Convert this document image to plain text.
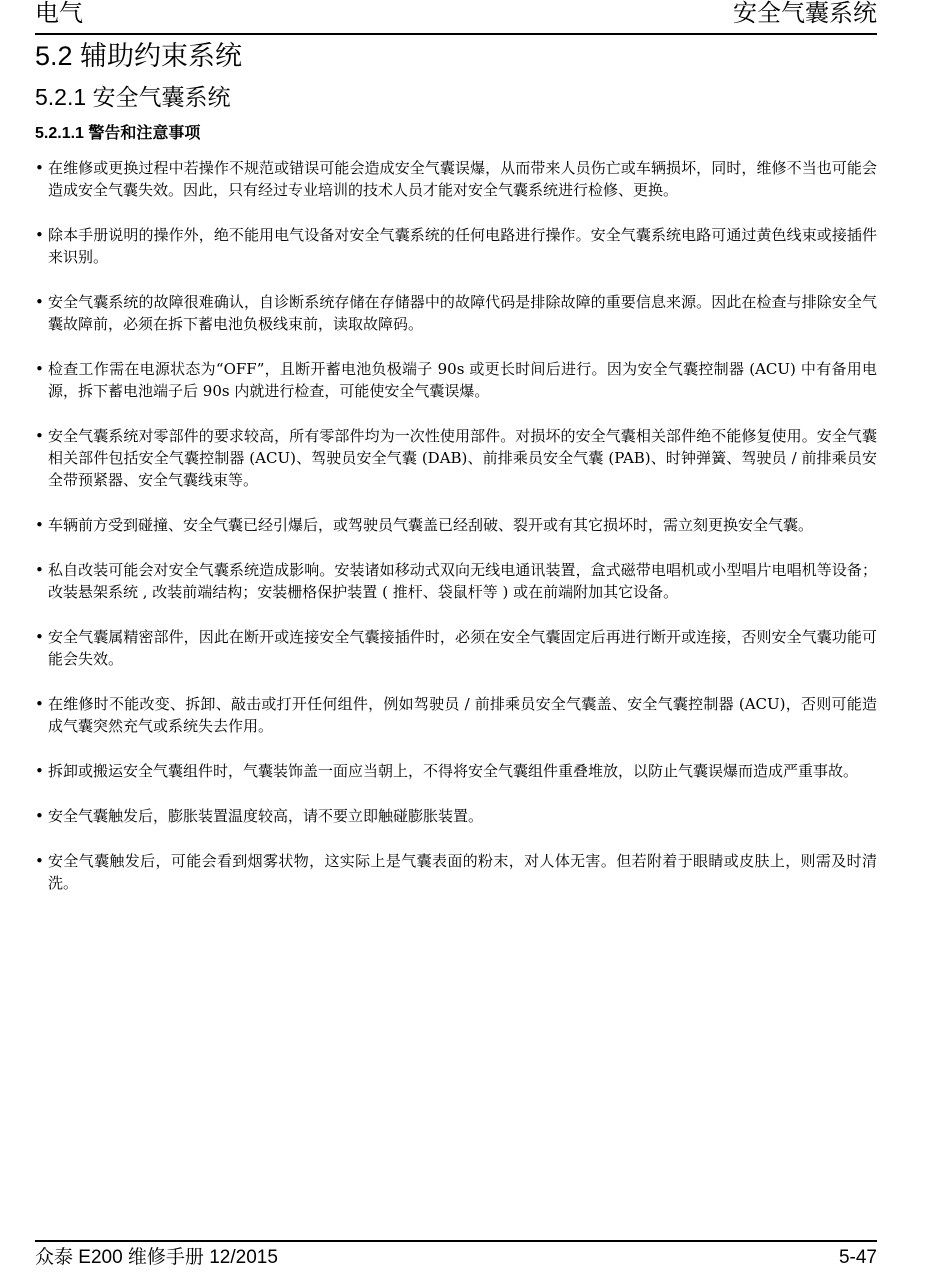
电气	安全气囊系统
5.2 辅助约束系统
5.2.1 安全气囊系统
5.2.1.1 警告和注意事项
• 在维修或更换过程中若操作不规范或错误可能会造成安全气囊误爆，从而带来人员伤亡或车辆损坏，同时，维修不当也可能会造成安全气囊失效。因此，只有经过专业培训的技术人员才能对安全气囊系统进行检修、更换。
• 除本手册说明的操作外，绝不能用电气设备对安全气囊系统的任何电路进行操作。安全气囊系统电路可通过黄色线束或接插件来识别。
• 安全气囊系统的故障很难确认，自诊断系统存储在存储器中的故障代码是排除故障的重要信息来源。因此在检查与排除安全气囊故障前，必须在拆下蓄电池负极线束前，读取故障码。
• 检查工作需在电源状态为“OFF”，且断开蓄电池负极端子 90s 或更长时间后进行。因为安全气囊控制器 (ACU) 中有备用电源，拆下蓄电池端子后 90s 内就进行检查，可能使安全气囊误爆。
• 安全气囊系统对零部件的要求较高，所有零部件均为一次性使用部件。对损坏的安全气囊相关部件绝不能修复使用。安全气囊相关部件包括安全气囊控制器 (ACU)、驾驶员安全气囊 (DAB)、前排乘员安全气囊 (PAB)、时钟弹簧、驾驶员 / 前排乘员安全带预紧器、安全气囊线束等。
• 车辆前方受到碰撞、安全气囊已经引爆后，或驾驶员气囊盖已经刮破、裂开或有其它损坏时，需立刻更换安全气囊。
• 私自改装可能会对安全气囊系统造成影响。安装诸如移动式双向无线电通讯装置，盒式磁带电唱机或小型唱片电唱机等设备；改装悬架系统 , 改装前端结构；安装栅格保护装置 ( 推杆、袋鼠杆等 ) 或在前端附加其它设备。
• 安全气囊属精密部件，因此在断开或连接安全气囊接插件时，必须在安全气囊固定后再进行断开或连接，否则安全气囊功能可能会失效。
• 在维修时不能改变、拆卸、敲击或打开任何组件，例如驾驶员 / 前排乘员安全气囊盖、安全气囊控制器 (ACU)，否则可能造成气囊突然充气或系统失去作用。
• 拆卸或搬运安全气囊组件时，气囊装饰盖一面应当朝上，不得将安全气囊组件重叠堆放，以防止气囊误爆而造成严重事故。
• 安全气囊触发后，膨胀装置温度较高，请不要立即触碰膨胀装置。
• 安全气囊触发后，可能会看到烟雾状物，这实际上是气囊表面的粉末，对人体无害。但若附着于眼睛或皮肤上，则需及时清洗。
众泰 E200 维修手册 12/2015	5-47
